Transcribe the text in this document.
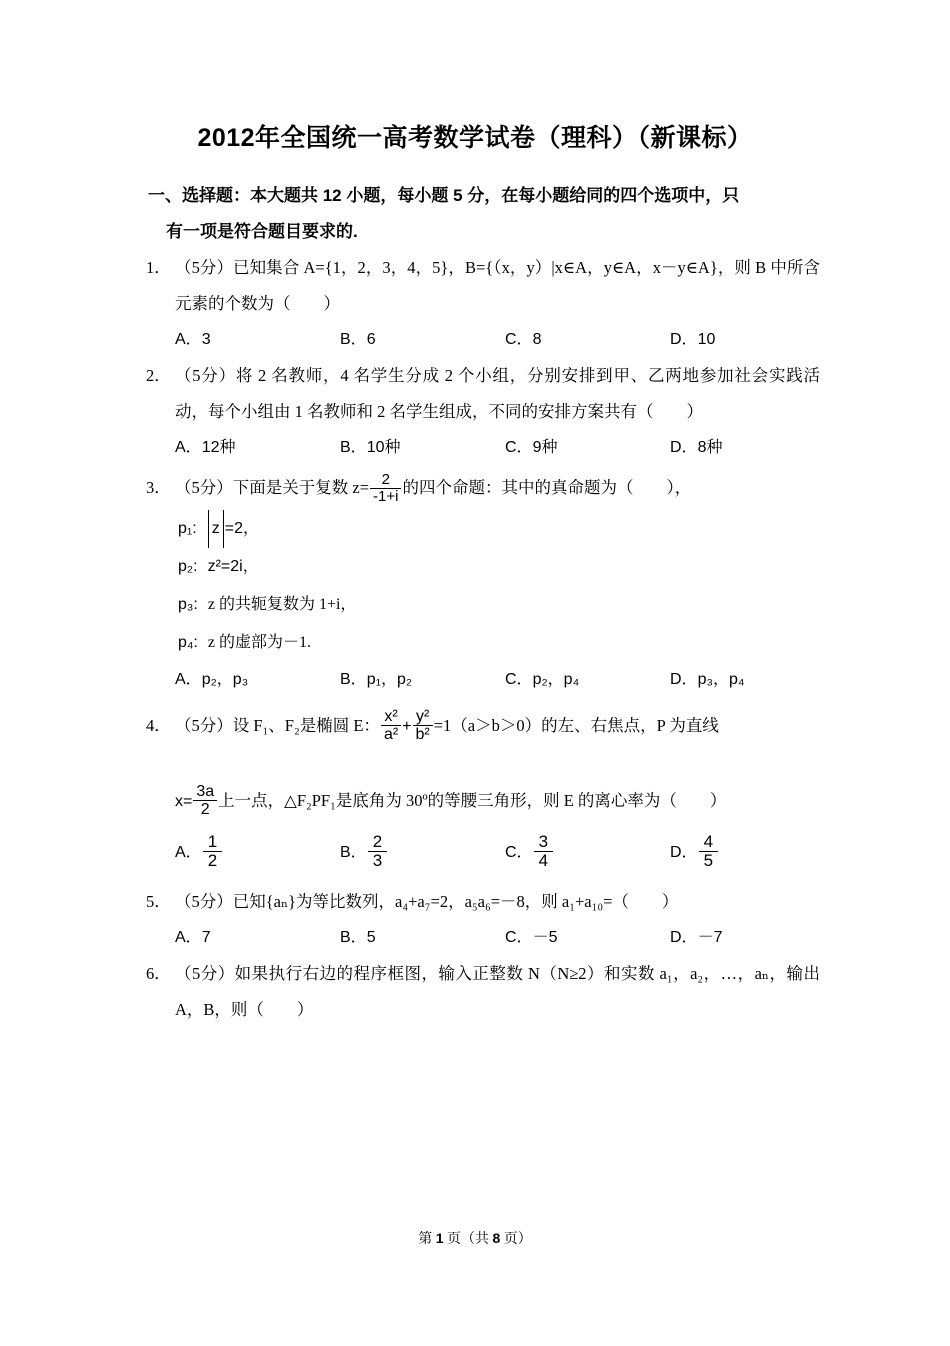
2012年全国统一高考数学试卷（理科）（新课标）
一、选择题：本大题共 12 小题，每小题 5 分，在每小题给同的四个选项中，只
有一项是符合题目要求的.
1． （5分）已知集合 A={1，2，3，4，5}，B={（x，y）|x∈A，y∈A，x－y∈A}，则 B 中所含元素的个数为（　　）
A．3	B．6	C．8	D．10
2． （5分）将 2 名教师，4 名学生分成 2 个小组，分别安排到甲、乙两地参加社会实践活动，每个小组由 1 名教师和 2 名学生组成，不同的安排方案共有（　　）
A．12种	B．10种	C．9种	D．8种
3． （5分）下面是关于复数 $z= \frac{2}{-1+i}$ 的四个命题：其中的真命题为（　　），
p₁: z =2，
p₂: z²=2i，
p₃: z 的共轭复数为 1+i，
p₄: z 的虚部为－1.
A．p₂，p₃	B．p₁，p₂	C．p₂，p₄	D．p₃，p₄
4． （5分）设 F₁、F₂是椭圆 E： $\frac{\text{x²}}{\text{a²}} + \frac{\text{y²}}{\text{b²}} =1(a>b>0)$的左、右焦点，P 为直线
$x= \frac{3a}{2}$ 上一点，△F₂PF₁是底角为 30º的等腰三角形，则 E 的离心率为（　　）
A． $\frac{1}{2}$	B． $\frac{2}{3}$	C． $\frac{3}{4}$	D． $\frac{4}{5}$
5． （5分）已知{aₙ}为等比数列，a₄+a₇=2，a₅a₆=－8，则 a₁+a₁₀=（　　）
A．7	B．5	C．－5	D．－7
6． （5分）如果执行右边的程序框图，输入正整数 N（N≥2）和实数 a₁，a₂，…，aₙ，输出 A，B，则（　　）
第 1 页（共 8 页）
